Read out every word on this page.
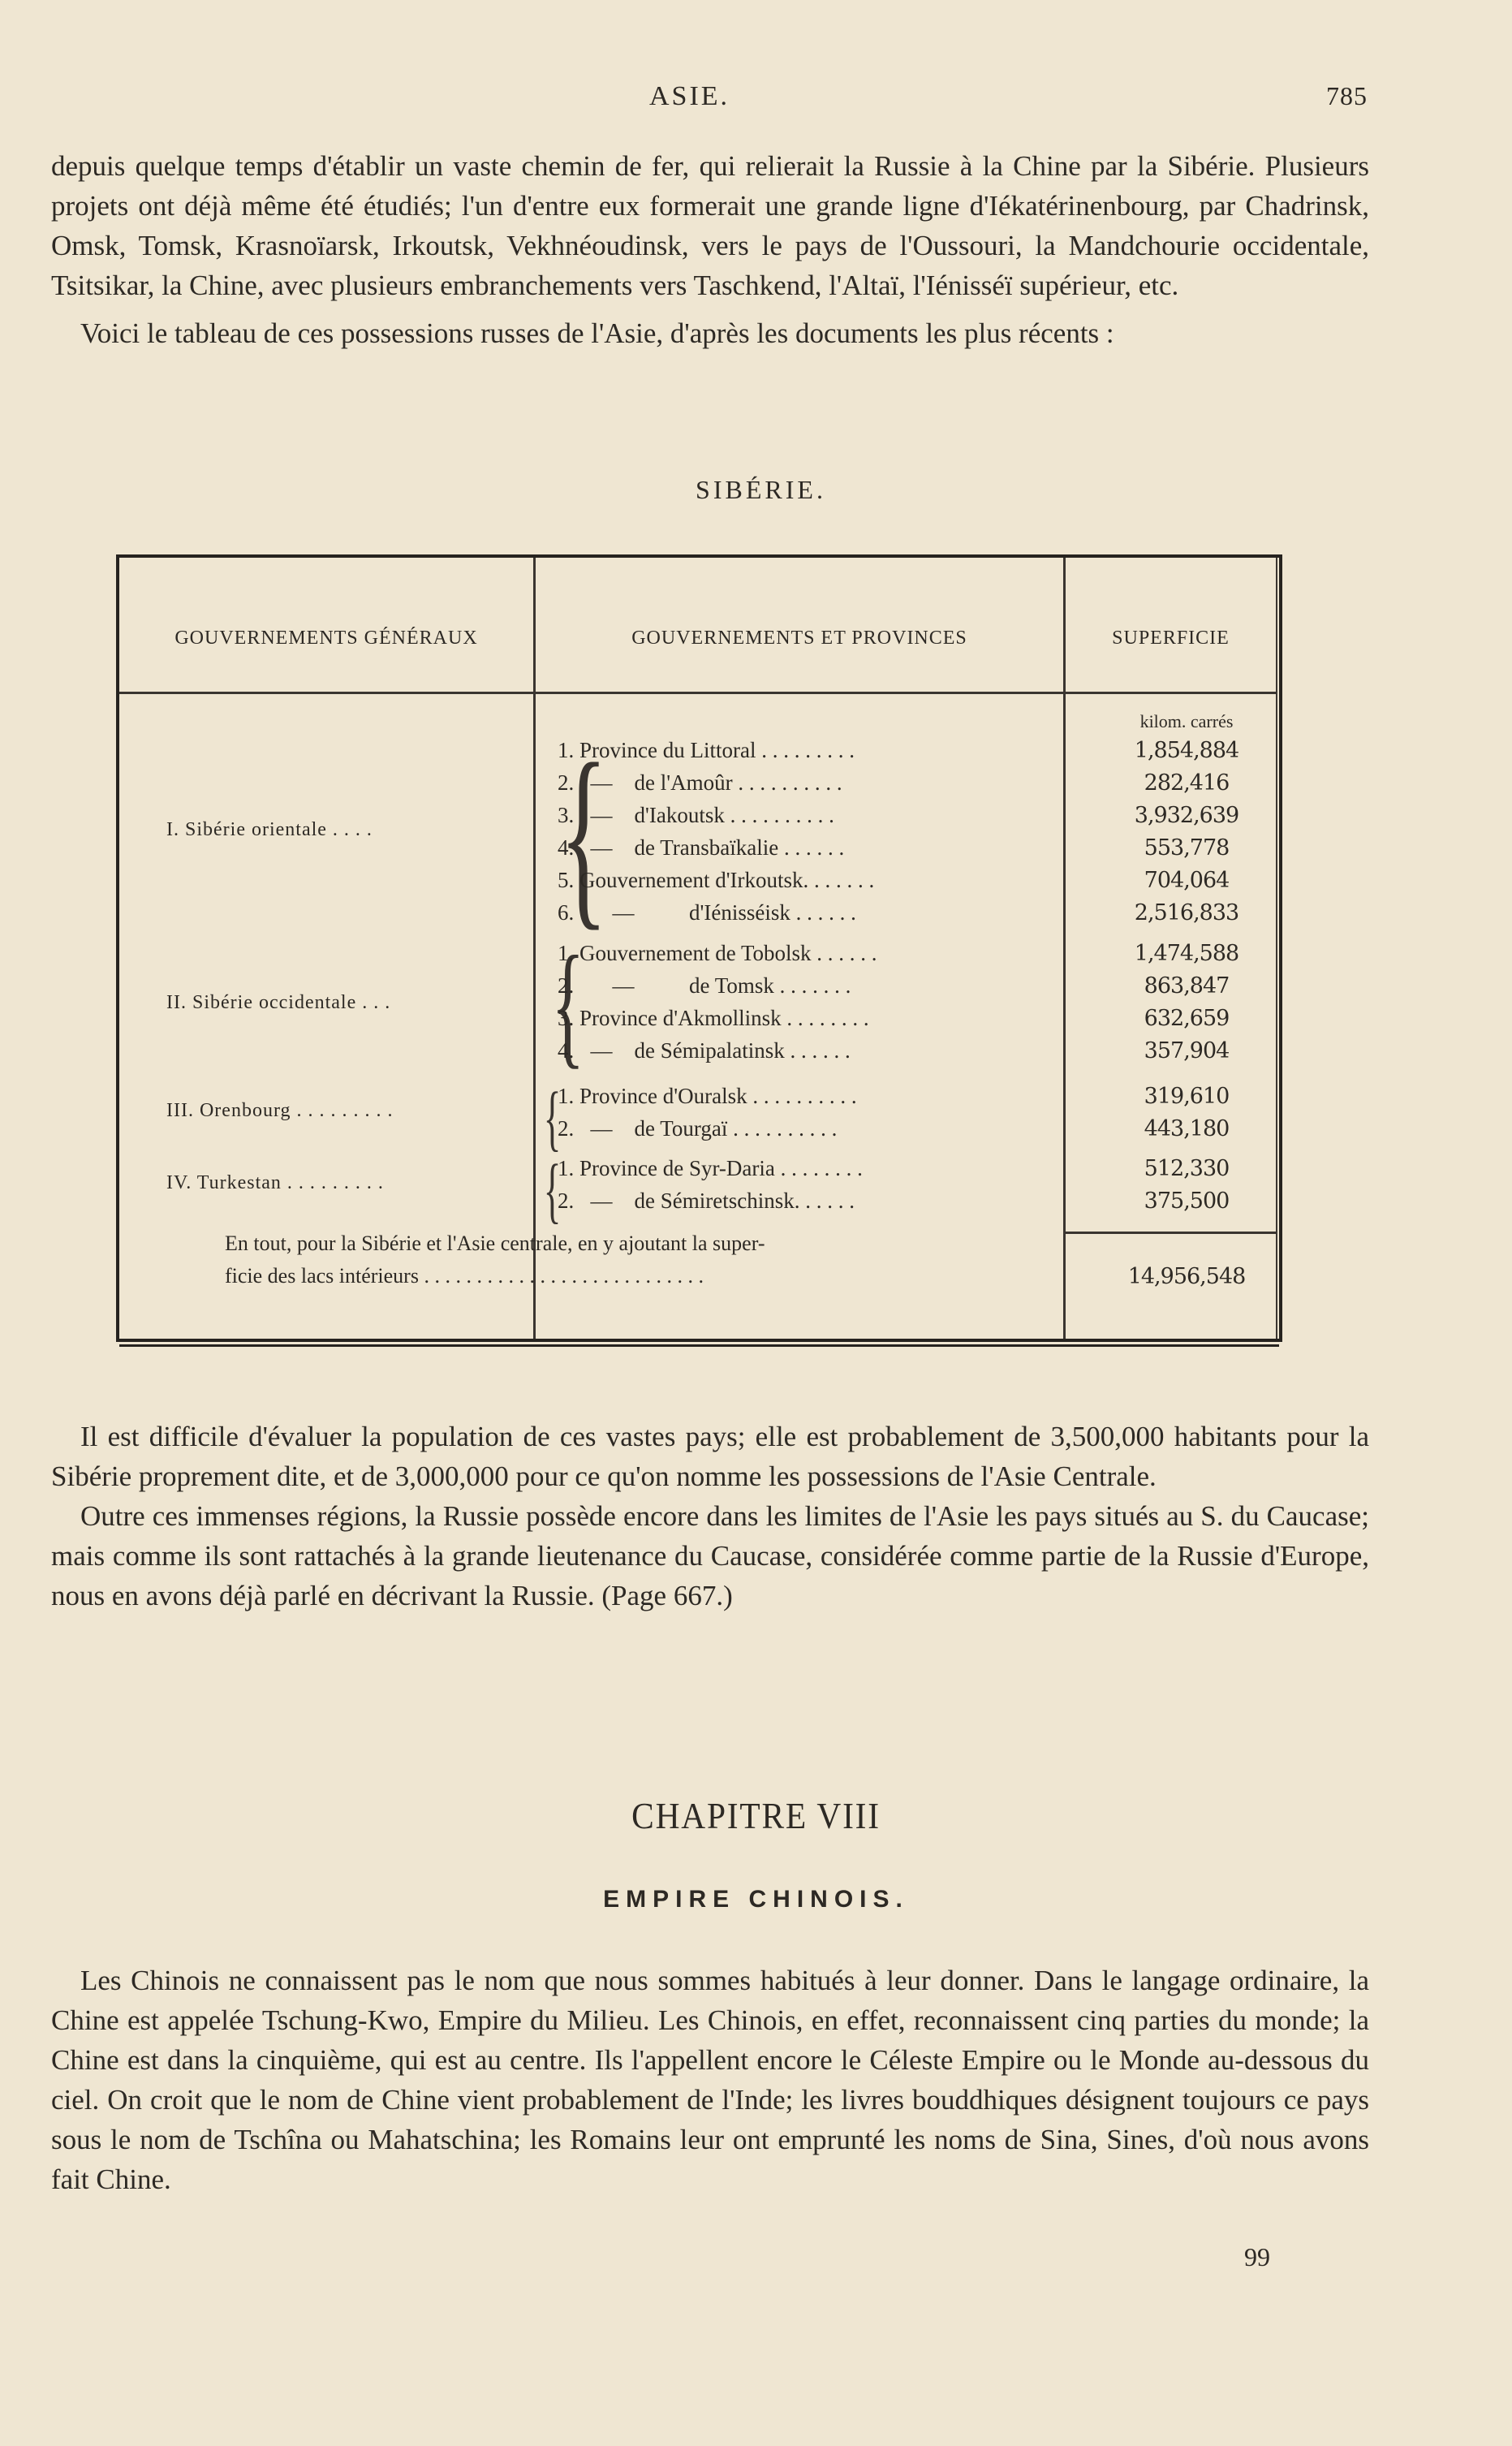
ASIE.	785

depuis quelque temps d'établir un vaste chemin de fer, qui relierait la Russie à la Chine par la Sibérie. Plusieurs projets ont déjà même été étudiés; l'un d'entre eux formerait une grande ligne d'Iékatérinenbourg, par Chadrinsk, Omsk, Tomsk, Krasnoïarsk, Irkoutsk, Vekhnéoudinsk, vers le pays de l'Oussouri, la Mandchourie occidentale, Tsitsikar, la Chine, avec plusieurs embranchements vers Taschkend, l'Altaï, l'Iénisséï supérieur, etc.

Voici le tableau de ces possessions russes de l'Asie, d'après les documents les plus récents :

SIBÉRIE.
GOUVERNEMENTS GÉNÉRAUX	GOUVERNEMENTS ET PROVINCES	SUPERFICIE
kilom. carrés
I. Sibérie orientale . . . . {
1. Province du Littoral . . . . . . . . .	1,854,884
2.   —    de l'Amoûr . . . . . . . . . .	282,416
3.   —    d'Iakoutsk . . . . . . . . . .	3,932,639
4.   —    de Transbaïkalie . . . . . .	553,778
5. Gouvernement d'Irkoutsk. . . . . . .	704,064
6.       —          d'Iénisséisk . . . . . .	2,516,833
II. Sibérie occidentale . . . {
1. Gouvernement de Tobolsk . . . . . .	1,474,588
2.       —          de Tomsk . . . . . . .	863,847
3. Province d'Akmollinsk . . . . . . . .	632,659
4.   —    de Sémipalatinsk . . . . . .	357,904
III. Orenbourg . . . . . . . . . {
1. Province d'Ouralsk . . . . . . . . . .	319,610
2.   —    de Tourgaï . . . . . . . . . .	443,180
IV. Turkestan . . . . . . . . . {
1. Province de Syr-Daria . . . . . . . .	512,330
2.   —    de Sémiretschinsk. . . . . .	375,500
En tout, pour la Sibérie et l'Asie centrale, en y ajoutant la super-
ficie des lacs intérieurs . . . . . . . . . . . . . . . . . . . . . . . . . . .	14,956,548

Il est difficile d'évaluer la population de ces vastes pays; elle est probablement de 3,500,000 habitants pour la Sibérie proprement dite, et de 3,000,000 pour ce qu'on nomme les possessions de l'Asie Centrale.

Outre ces immenses régions, la Russie possède encore dans les limites de l'Asie les pays situés au S. du Caucase; mais comme ils sont rattachés à la grande lieutenance du Caucase, considérée comme partie de la Russie d'Europe, nous en avons déjà parlé en décrivant la Russie. (Page 667.)

CHAPITRE VIII
EMPIRE CHINOIS.

Les Chinois ne connaissent pas le nom que nous sommes habitués à leur donner. Dans le langage ordinaire, la Chine est appelée Tschung-Kwo, Empire du Milieu. Les Chinois, en effet, reconnaissent cinq parties du monde; la Chine est dans la cinquième, qui est au centre. Ils l'appellent encore le Céleste Empire ou le Monde au-dessous du ciel. On croit que le nom de Chine vient probablement de l'Inde; les livres bouddhiques désignent toujours ce pays sous le nom de Tschîna ou Mahatschina; les Romains leur ont emprunté les noms de Sina, Sines, d'où nous avons fait Chine.

99
